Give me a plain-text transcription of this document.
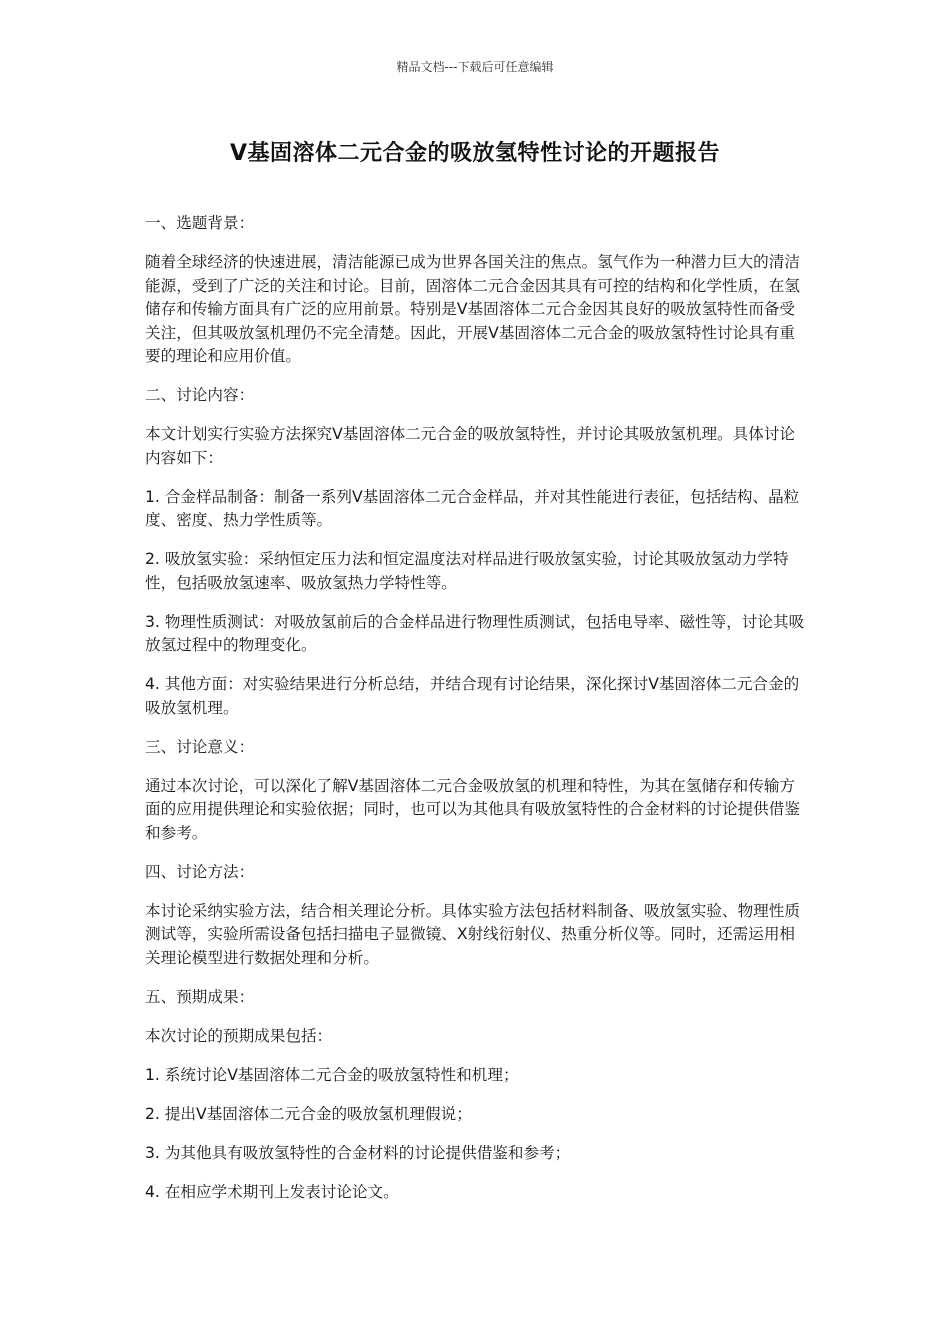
精品文档---下载后可任意编辑
V基固溶体二元合金的吸放氢特性讨论的开题报告

一、选题背景：

随着全球经济的快速进展，清洁能源已成为世界各国关注的焦点。氢气作为一种潜力巨大的清洁能源，受到了广泛的关注和讨论。目前，固溶体二元合金因其具有可控的结构和化学性质，在氢储存和传输方面具有广泛的应用前景。特别是V基固溶体二元合金因其良好的吸放氢特性而备受关注，但其吸放氢机理仍不完全清楚。因此，开展V基固溶体二元合金的吸放氢特性讨论具有重要的理论和应用价值。

二、讨论内容：

本文计划实行实验方法探究V基固溶体二元合金的吸放氢特性，并讨论其吸放氢机理。具体讨论内容如下：

1. 合金样品制备：制备一系列V基固溶体二元合金样品，并对其性能进行表征，包括结构、晶粒度、密度、热力学性质等。

2. 吸放氢实验：采纳恒定压力法和恒定温度法对样品进行吸放氢实验，讨论其吸放氢动力学特性，包括吸放氢速率、吸放氢热力学特性等。

3. 物理性质测试：对吸放氢前后的合金样品进行物理性质测试，包括电导率、磁性等，讨论其吸放氢过程中的物理变化。

4. 其他方面：对实验结果进行分析总结，并结合现有讨论结果，深化探讨V基固溶体二元合金的吸放氢机理。

三、讨论意义：

通过本次讨论，可以深化了解V基固溶体二元合金吸放氢的机理和特性，为其在氢储存和传输方面的应用提供理论和实验依据；同时，也可以为其他具有吸放氢特性的合金材料的讨论提供借鉴和参考。

四、讨论方法：

本讨论采纳实验方法，结合相关理论分析。具体实验方法包括材料制备、吸放氢实验、物理性质测试等，实验所需设备包括扫描电子显微镜、X射线衍射仪、热重分析仪等。同时，还需运用相关理论模型进行数据处理和分析。

五、预期成果：

本次讨论的预期成果包括：

1. 系统讨论V基固溶体二元合金的吸放氢特性和机理；

2. 提出V基固溶体二元合金的吸放氢机理假说；

3. 为其他具有吸放氢特性的合金材料的讨论提供借鉴和参考；

4. 在相应学术期刊上发表讨论论文。
